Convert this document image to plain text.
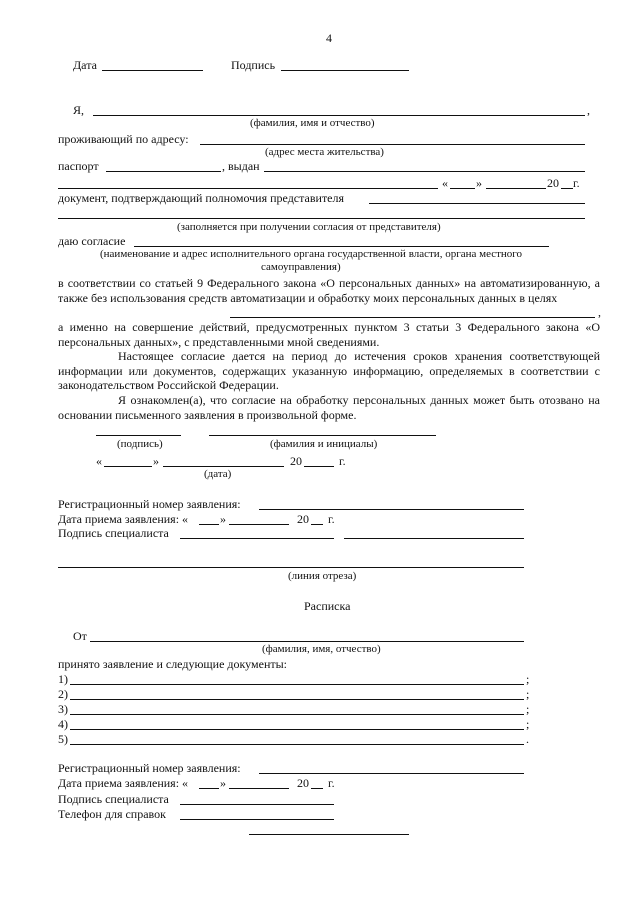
4
Дата	Подпись
Я,	,
(фамилия, имя и отчество)
проживающий по адресу:
(адрес места жительства)
паспорт	, выдан
« »	20 г.
документ, подтверждающий полномочия представителя
(заполняется при получении согласия от представителя)
даю согласие
(наименование и адрес исполнительного органа государственной власти, органа местного
самоуправления)

в соответствии со статьей 9 Федерального закона «О персональных данных» на автоматизированную, а также без использования средств автоматизации и обработку моих персональных данных в целях

,

а именно на совершение действий, предусмотренных пунктом 3 статьи 3 Федерального закона «О персональных данных», с представленными мной сведениями.

Настоящее согласие дается на период до истечения сроков хранения соответствующей информации или документов, содержащих указанную информацию, определяемых в соответствии с законодательством Российской Федерации.

Я ознакомлен(а), что согласие на обработку персональных данных может быть отозвано на основании письменного заявления в произвольной форме.

(подпись)	(фамилия и инициалы)
«	»	20	г.
(дата)
Регистрационный номер заявления:
Дата приема заявления: «	»	20 г.
Подпись специалиста
(линия отреза)
Расписка
От
(фамилия, имя, отчество)
принято заявление и следующие документы:
1)	;
2)	;
3)	;
4)	;
5)	.
Регистрационный номер заявления:
Дата приема заявления: «	»	20 г.
Подпись специалиста
Телефон для справок
